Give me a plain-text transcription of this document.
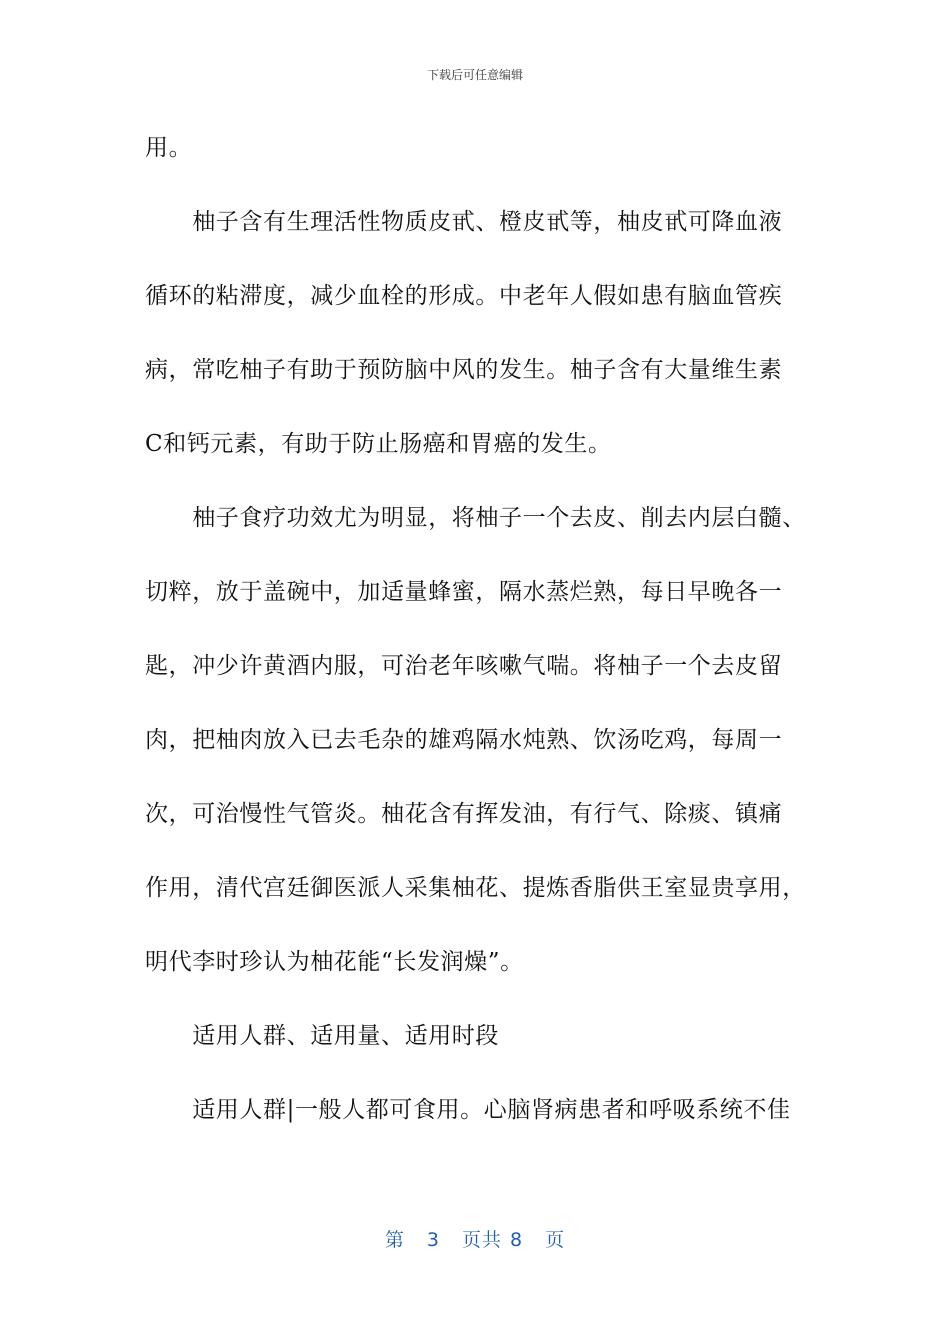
下载后可任意编辑
用。
　　柚子含有生理活性物质皮甙、橙皮甙等，柚皮甙可降血液
循环的粘滞度，减少血栓的形成。中老年人假如患有脑血管疾
病，常吃柚子有助于预防脑中风的发生。柚子含有大量维生素
C和钙元素，有助于防止肠癌和胃癌的发生。
　　柚子食疗功效尤为明显，将柚子一个去皮、削去内层白髓、
切粹，放于盖碗中，加适量蜂蜜，隔水蒸烂熟，每日早晚各一
匙，冲少许黄酒内服，可治老年咳嗽气喘。将柚子一个去皮留
肉，把柚肉放入已去毛杂的雄鸡隔水炖熟、饮汤吃鸡，每周一
次，可治慢性气管炎。柚花含有挥发油，有行气、除痰、镇痛
作用，清代宫廷御医派人采集柚花、提炼香脂供王室显贵享用，
明代李时珍认为柚花能“长发润燥”。
　　适用人群、适用量、适用时段
　　适用人群|一般人都可食用。心脑肾病患者和呼吸系统不佳
第 3 页共 8 页
